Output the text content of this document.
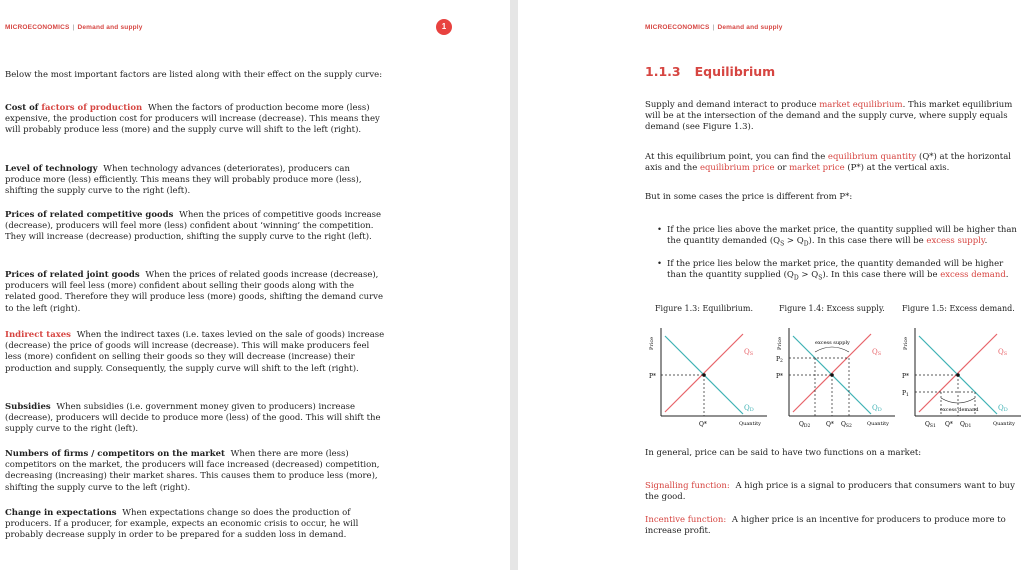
MICROECONOMICS | Demand and supply	1
Below the most important factors are listed along with their effect on the supply curve:
Cost of factors of production When the factors of production become more (less) expensive, the production cost for producers will increase (decrease). This means they will probably produce less (more) and the supply curve will shift to the left (right).
Level of technology When technology advances (deteriorates), producers can produce more (less) efficiently. This means they will probably produce more (less), shifting the supply curve to the right (left).
Prices of related competitive goods When the prices of competitive goods increase (decrease), producers will feel more (less) confident about ‘winning’ the competition. They will increase (decrease) production, shifting the supply curve to the right (left).
Prices of related joint goods When the prices of related goods increase (decrease), producers will feel less (more) confident about selling their goods along with the related good. Therefore they will produce less (more) goods, shifting the demand curve to the left (right).
Indirect taxes When the indirect taxes (i.e. taxes levied on the sale of goods) increase (decrease) the price of goods will increase (decrease). This will make producers feel less (more) confident on selling their goods so they will decrease (increase) their production and supply. Consequently, the supply curve will shift to the left (right).
Subsidies When subsidies (i.e. government money given to producers) increase (decrease), producers will decide to produce more (less) of the good. This will shift the supply curve to the right (left).
Numbers of firms / competitors on the market When there are more (less) competitors on the market, the producers will face increased (decreased) competition, decreasing (increasing) their market shares. This causes them to produce less (more), shifting the supply curve to the left (right).
Change in expectations When expectations change so does the production of producers. If a producer, for example, expects an economic crisis to occur, he will probably decrease supply in order to be prepared for a sudden loss in demand.
MICROECONOMICS | Demand and supply
1.1.3 Equilibrium
Supply and demand interact to produce market equilibrium. This market equilibrium will be at the intersection of the demand and the supply curve, where supply equals demand (see Figure 1.3).
At this equilibrium point, you can find the equilibrium quantity (Q*) at the horizontal axis and the equilibrium price or market price (P*) at the vertical axis.
But in some cases the price is different from P*:
• If the price lies above the market price, the quantity supplied will be higher than the quantity demanded $(Q_S > Q_D)$. In this case there will be excess supply.
• If the price lies below the market price, the quantity demanded will be higher than the quantity supplied $(Q_D > Q_S)$. In this case there will be excess demand.
Figure 1.3: Equilibrium.	Figure 1.4: Excess supply. Figure 1.5: Excess demand.
Price
Quantity
P*
Q*
QS
QD
Price
Quantity
excess supply
P2
P*
QD2	Q* QS2
QS
QD
Price
Quantity
excess demand
P*
P1
QS1 Q* QD1
QS
QD
In general, price can be said to have two functions on a market:
Signalling function: A high price is a signal to producers that consumers want to buy the good.
Incentive function: A higher price is an incentive for producers to produce more to increase profit.
